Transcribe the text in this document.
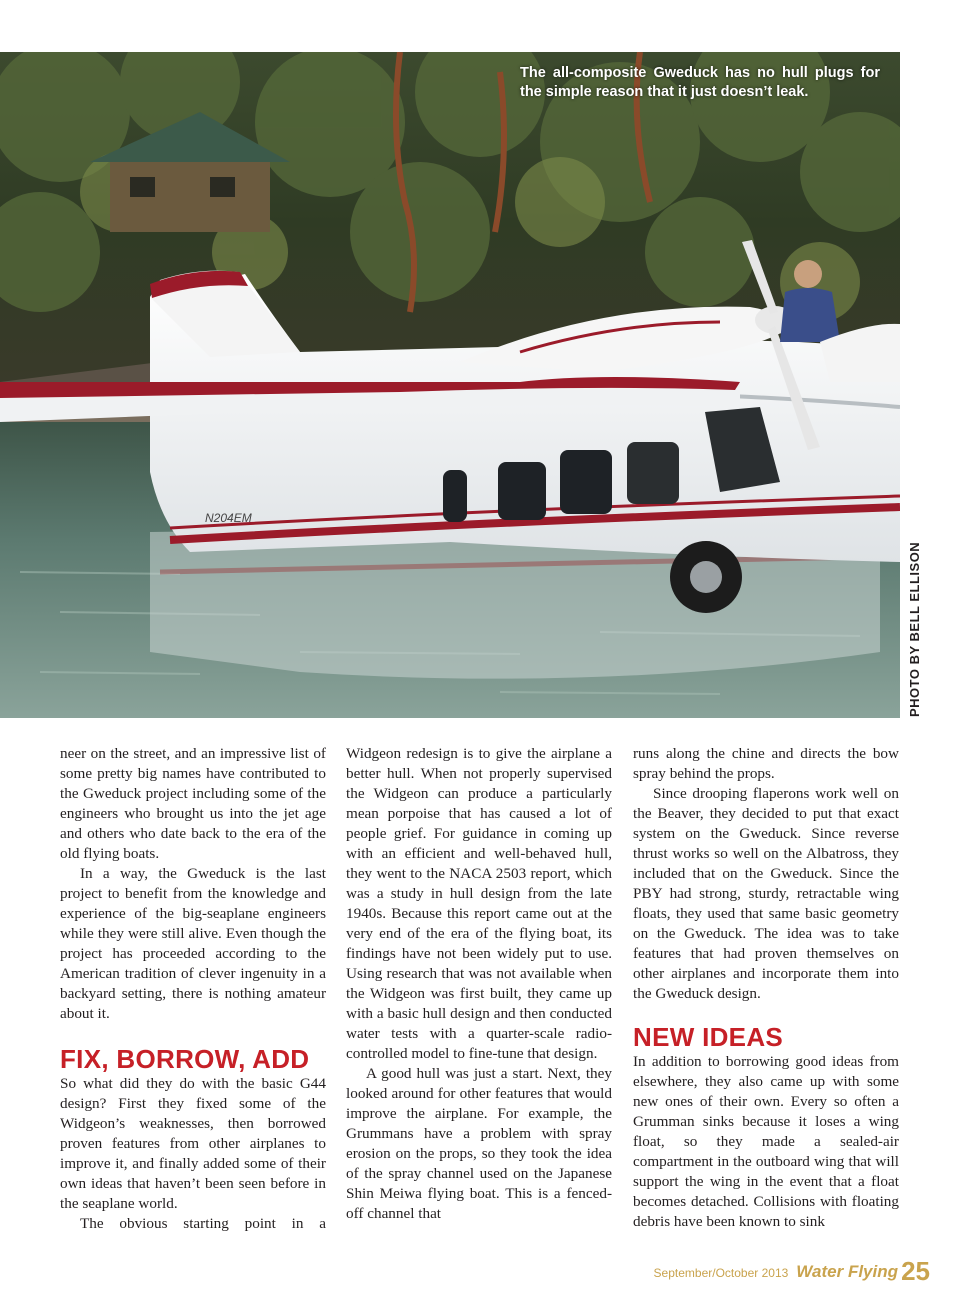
N204EM
The all-composite Gweduck has no hull plugs for the simple reason that it just doesn’t leak.
PHOTO BY BELL ELLISON

neer on the street, and an impressive list of some pretty big names have contributed to the Gweduck project including some of the engineers who brought us into the jet age and others who date back to the era of the old flying boats.

In a way, the Gweduck is the last project to benefit from the knowledge and experience of the big-seaplane engineers while they were still alive. Even though the project has proceeded according to the American tradition of clever ingenuity in a backyard setting, there is nothing amateur about it.

FIX, BORROW, ADD

So what did they do with the basic G44 design? First they fixed some of the Widgeon’s weaknesses, then borrowed proven features from other airplanes to improve it, and finally added some of their own ideas that haven’t been seen before in the seaplane world.

The obvious starting point in a

Widgeon redesign is to give the airplane a better hull. When not properly supervised the Widgeon can produce a particularly mean porpoise that has caused a lot of people grief. For guidance in coming up with an efficient and well-behaved hull, they went to the NACA 2503 report, which was a study in hull design from the late 1940s. Because this report came out at the very end of the era of the flying boat, its findings have not been widely put to use. Using research that was not available when the Widgeon was first built, they came up with a basic hull design and then conducted water tests with a quarter-scale radio-controlled model to fine-tune that design.

A good hull was just a start. Next, they looked around for other features that would improve the airplane. For example, the Grummans have a problem with spray erosion on the props, so they took the idea of the spray channel used on the Japanese Shin Meiwa flying boat. This is a fenced-off channel that

runs along the chine and directs the bow spray behind the props.

Since drooping flaperons work well on the Beaver, they decided to put that exact system on the Gweduck. Since reverse thrust works so well on the Albatross, they included that on the Gweduck. Since the PBY had strong, sturdy, retractable wing floats, they used that same basic geometry on the Gweduck. The idea was to take features that had proven themselves on other airplanes and incorporate them into the Gweduck design.

NEW IDEAS

In addition to borrowing good ideas from elsewhere, they also came up with some new ones of their own. Every so often a Grumman sinks because it loses a wing float, so they made a sealed-air compartment in the outboard wing that will support the wing in the event that a float becomes detached. Collisions with floating debris have been known to sink

September/October 2013 Water Flying 25
